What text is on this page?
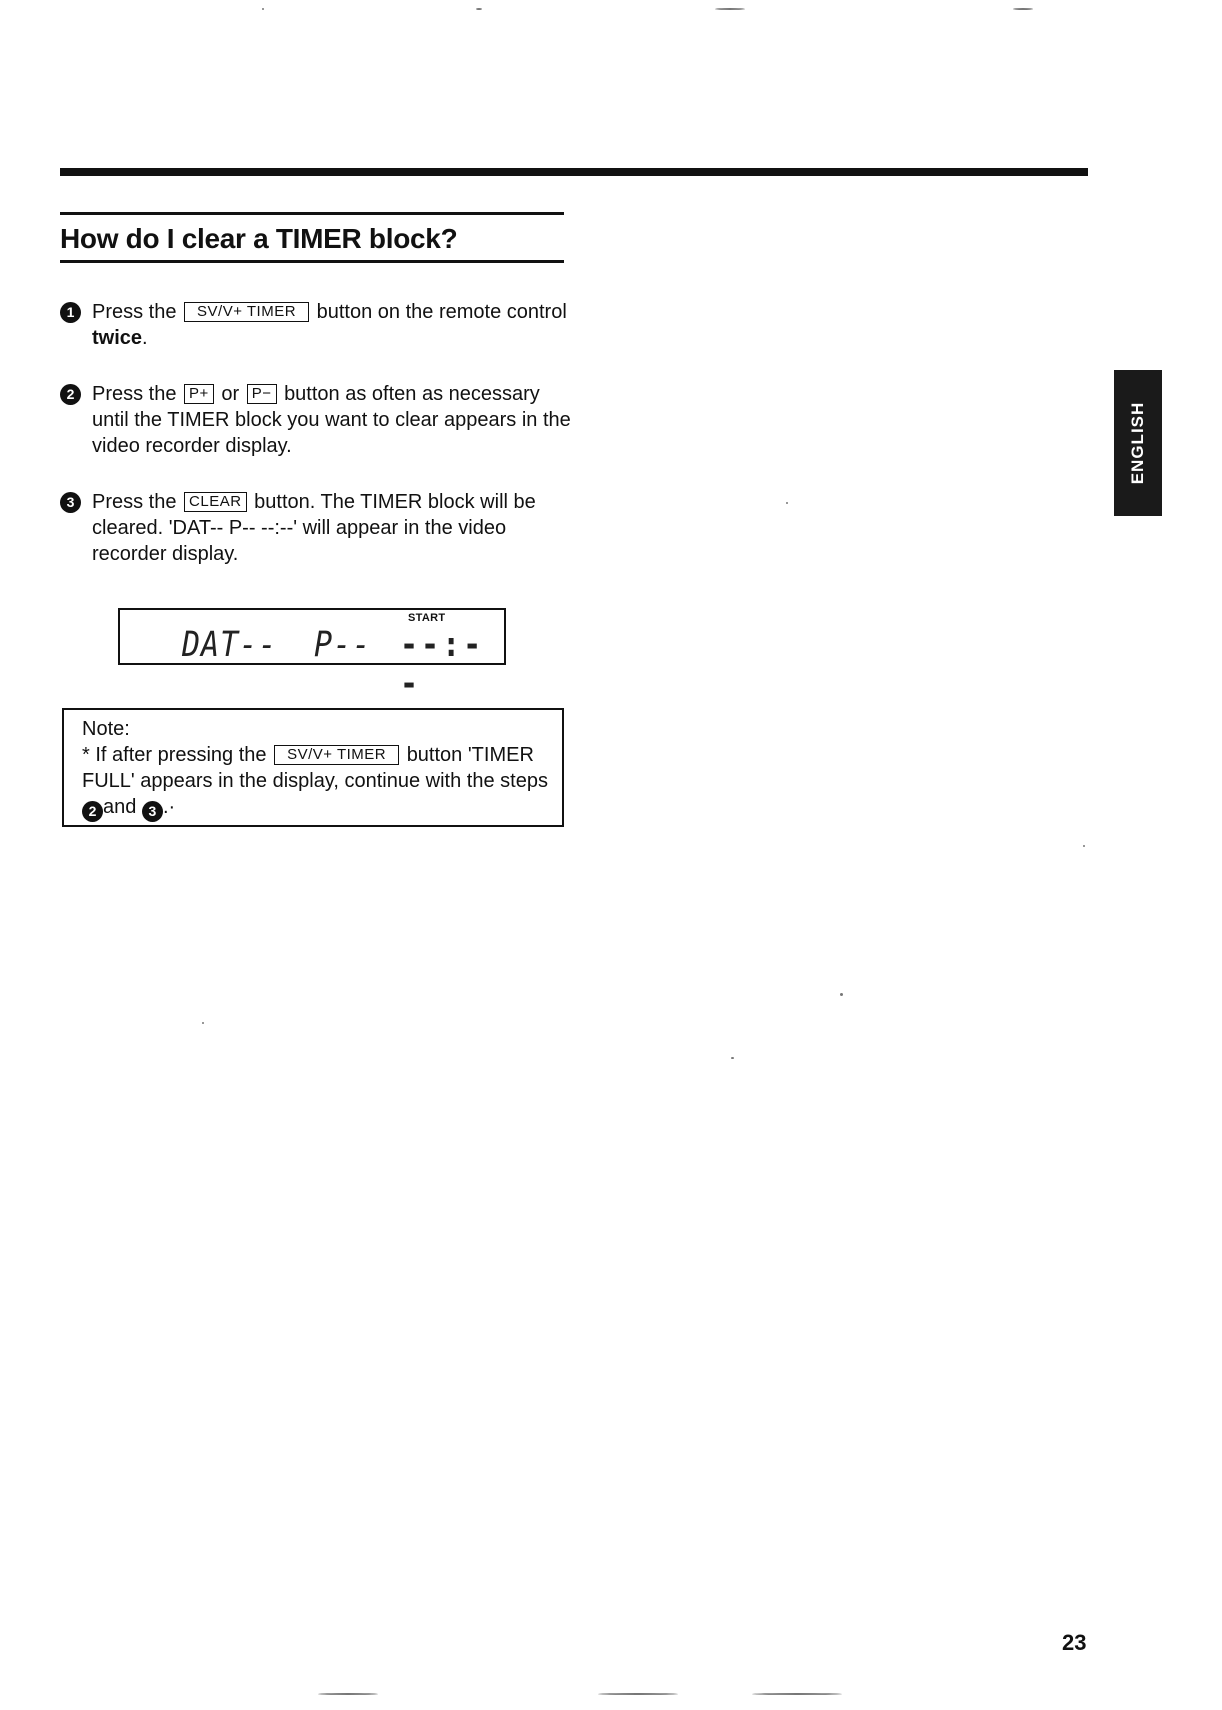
How do I clear a TIMER block?
1 Press the SV/V+ TIMER button on the remote control twice.
2 Press the P+ or P− button as often as necessary until the TIMER block you want to clear appears in the video recorder display.
3 Press the CLEAR button. The TIMER block will be cleared. 'DAT-- P-- --:--' will appear in the video recorder display.
START
DAT-- P-- --:--
Note:
* If after pressing the SV/V+ TIMER button 'TIMER FULL' appears in the display, continue with the steps 2 and 3 .·
ENGLISH
23
